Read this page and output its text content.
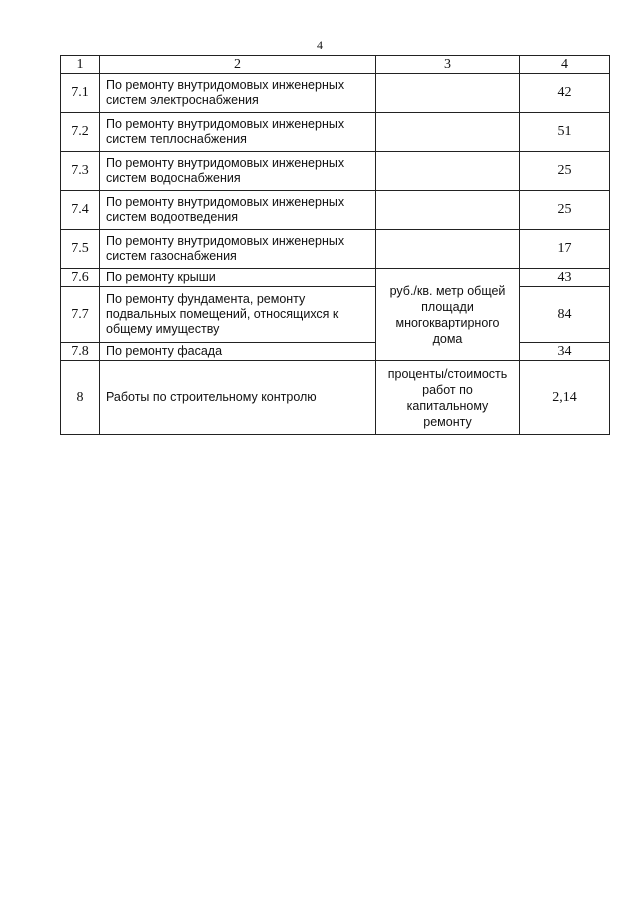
4
1	2	3	4
7.1	По ремонту внутридомовых инженерных систем электроснабжения		42
7.2	По ремонту внутридомовых инженерных систем теплоснабжения		51
7.3	По ремонту внутридомовых инженерных систем водоснабжения		25
7.4	По ремонту внутридомовых инженерных систем водоотведения		25
7.5	По ремонту внутридомовых инженерных систем газоснабжения		17
7.6	По ремонту крыши	руб./кв. метр общей площади многоквартирного дома	43
7.7	По ремонту фундамента, ремонту подвальных помещений, относящихся к общему имуществу		84
7.8	По ремонту фасада		34
8	Работы по строительному контролю	проценты/стоимость работ по капитальному ремонту	2,14
